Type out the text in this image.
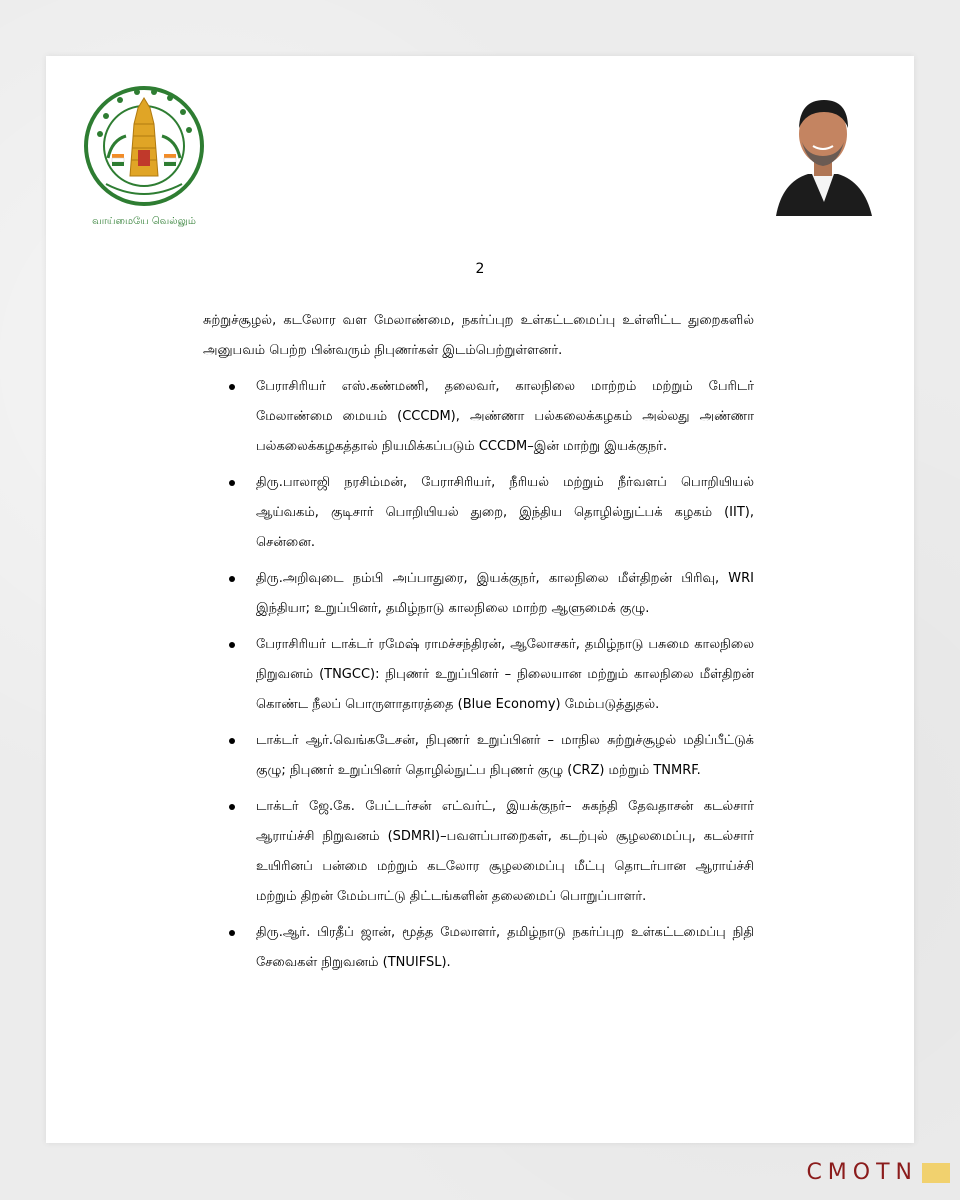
வாய்மையே வெல்லும்
2

சுற்றுச்சூழல், கடலோர வள மேலாண்மை, நகர்ப்புற உள்கட்டமைப்பு உள்ளிட்ட துறைகளில் அனுபவம் பெற்ற பின்வரும் நிபுணர்கள் இடம்பெற்றுள்ளனர்.

பேராசிரியர் எஸ்.கண்மணி, தலைவர், காலநிலை மாற்றம் மற்றும் பேரிடர் மேலாண்மை மையம் (CCCDM), அண்ணா பல்கலைக்கழகம் அல்லது அண்ணா பல்கலைக்கழகத்தால் நியமிக்கப்படும் CCCDM–இன் மாற்று இயக்குநர்.
திரு.பாலாஜி நரசிம்மன், பேராசிரியர், நீரியல் மற்றும் நீர்வளப் பொறியியல் ஆய்வகம், குடிசார் பொறியியல் துறை, இந்திய தொழில்நுட்பக் கழகம் (IIT), சென்னை.
திரு.அறிவுடை நம்பி அப்பாதுரை, இயக்குநர், காலநிலை மீள்திறன் பிரிவு, WRI இந்தியா; உறுப்பினர், தமிழ்நாடு காலநிலை மாற்ற ஆளுமைக் குழு.
பேராசிரியர் டாக்டர் ரமேஷ் ராமச்சந்திரன், ஆலோசகர், தமிழ்நாடு பசுமை காலநிலை நிறுவனம் (TNGCC): நிபுணர் உறுப்பினர் – நிலையான மற்றும் காலநிலை மீள்திறன் கொண்ட நீலப் பொருளாதாரத்தை (Blue Economy) மேம்படுத்துதல்.
டாக்டர் ஆர்.வெங்கடேசன், நிபுணர் உறுப்பினர் – மாநில சுற்றுச்சூழல் மதிப்பீட்டுக் குழு; நிபுணர் உறுப்பினர் தொழில்நுட்ப நிபுணர் குழு (CRZ) மற்றும் TNMRF.
டாக்டர் ஜே.கே. பேட்டர்சன் எட்வர்ட், இயக்குநர்– சுகந்தி தேவதாசன் கடல்சார் ஆராய்ச்சி நிறுவனம் (SDMRI)–பவளப்பாறைகள், கடற்புல் சூழலமைப்பு, கடல்சார் உயிரினப் பன்மை மற்றும் கடலோர சூழலமைப்பு மீட்பு தொடர்பான ஆராய்ச்சி மற்றும் திறன் மேம்பாட்டு திட்டங்களின் தலைமைப் பொறுப்பாளர்.
திரு.ஆர். பிரதீப் ஜான், மூத்த மேலாளர், தமிழ்நாடு நகர்ப்புற உள்கட்டமைப்பு நிதி சேவைகள் நிறுவனம் (TNUIFSL).
CMOTN
